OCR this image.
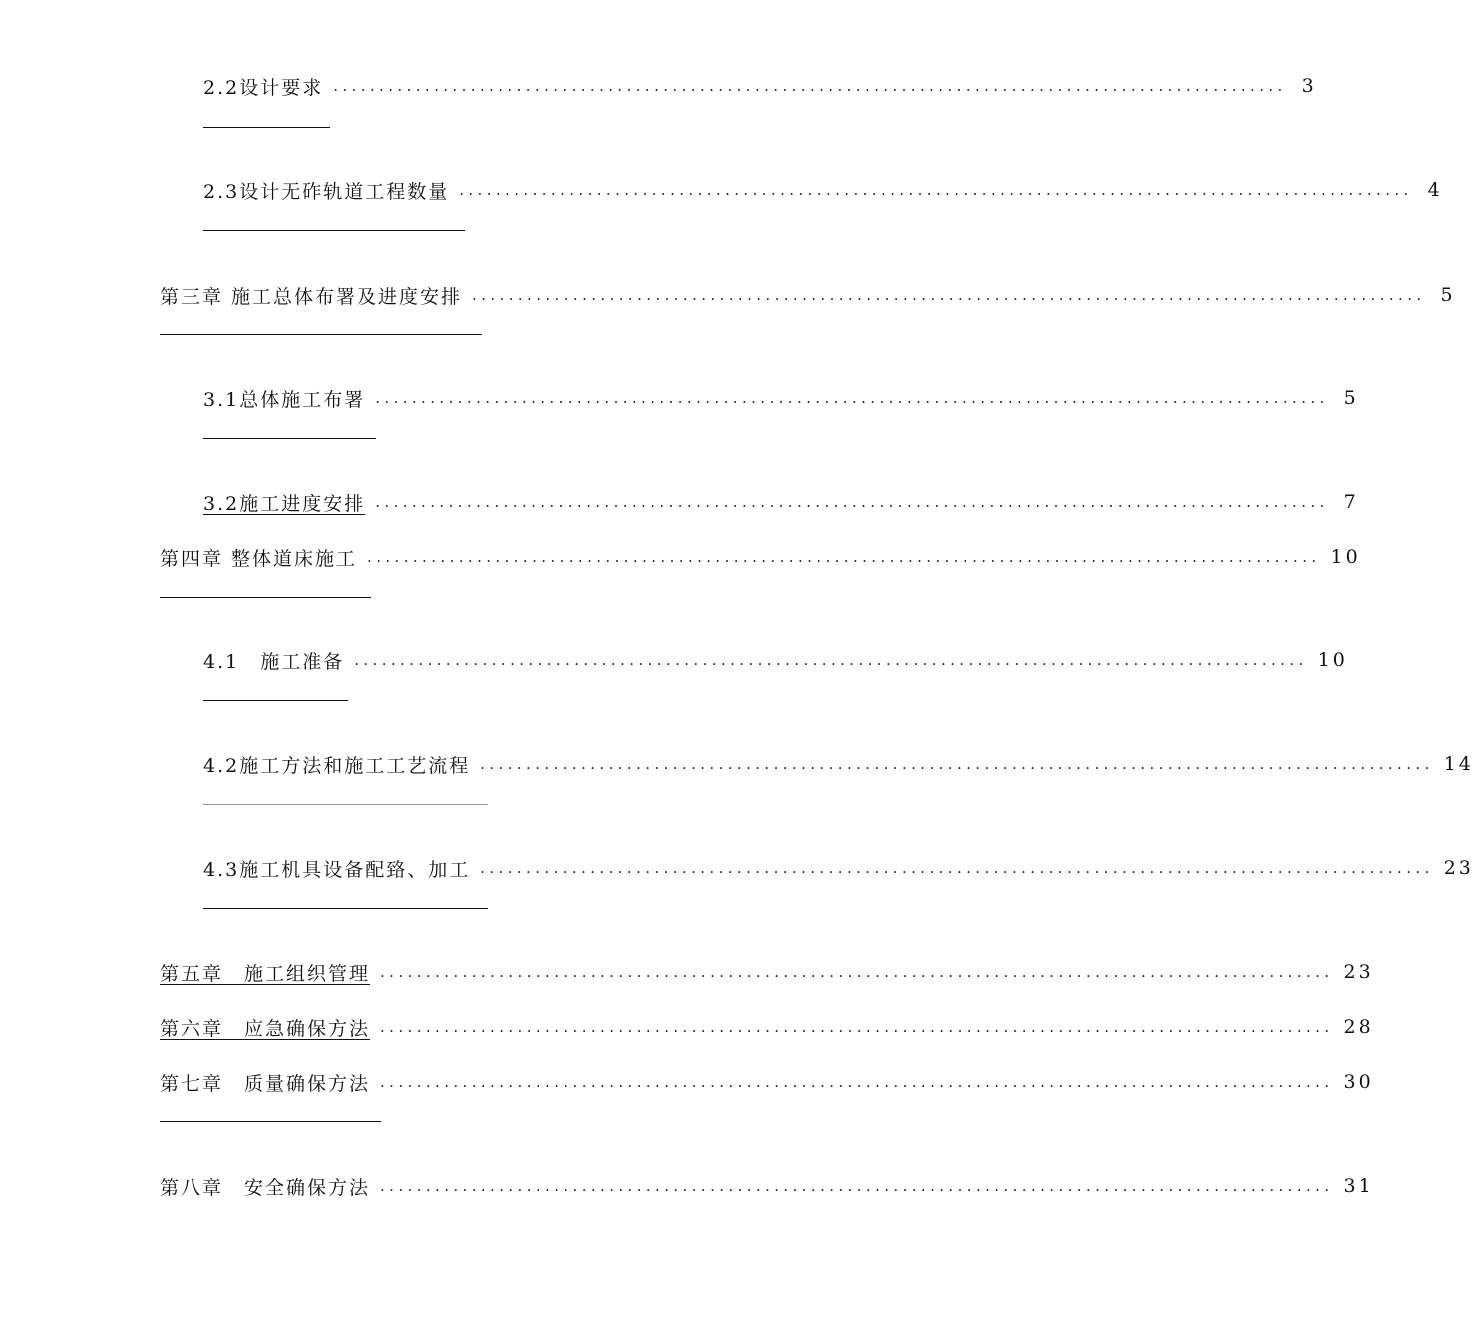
2.2设计要求 ........................................................................................................ 3
2.3设计无砟轨道工程数量 ........................................................................................................ 4
第三章 施工总体布署及进度安排 ........................................................................................................ 5
3.1总体施工布署 ........................................................................................................ 5
3.2施工进度安排 ........................................................................................................ 7
第四章 整体道床施工 ........................................................................................................ 10
4.1　施工准备 ........................................................................................................ 10
4.2施工方法和施工工艺流程 ........................................................................................................ 14
4.3施工机具设备配臵、加工 ........................................................................................................ 23
第五章　施工组织管理 ........................................................................................................ 23
第六章　应急确保方法 ........................................................................................................ 28
第七章　质量确保方法 ........................................................................................................ 30
第八章　安全确保方法 ........................................................................................................ 31
